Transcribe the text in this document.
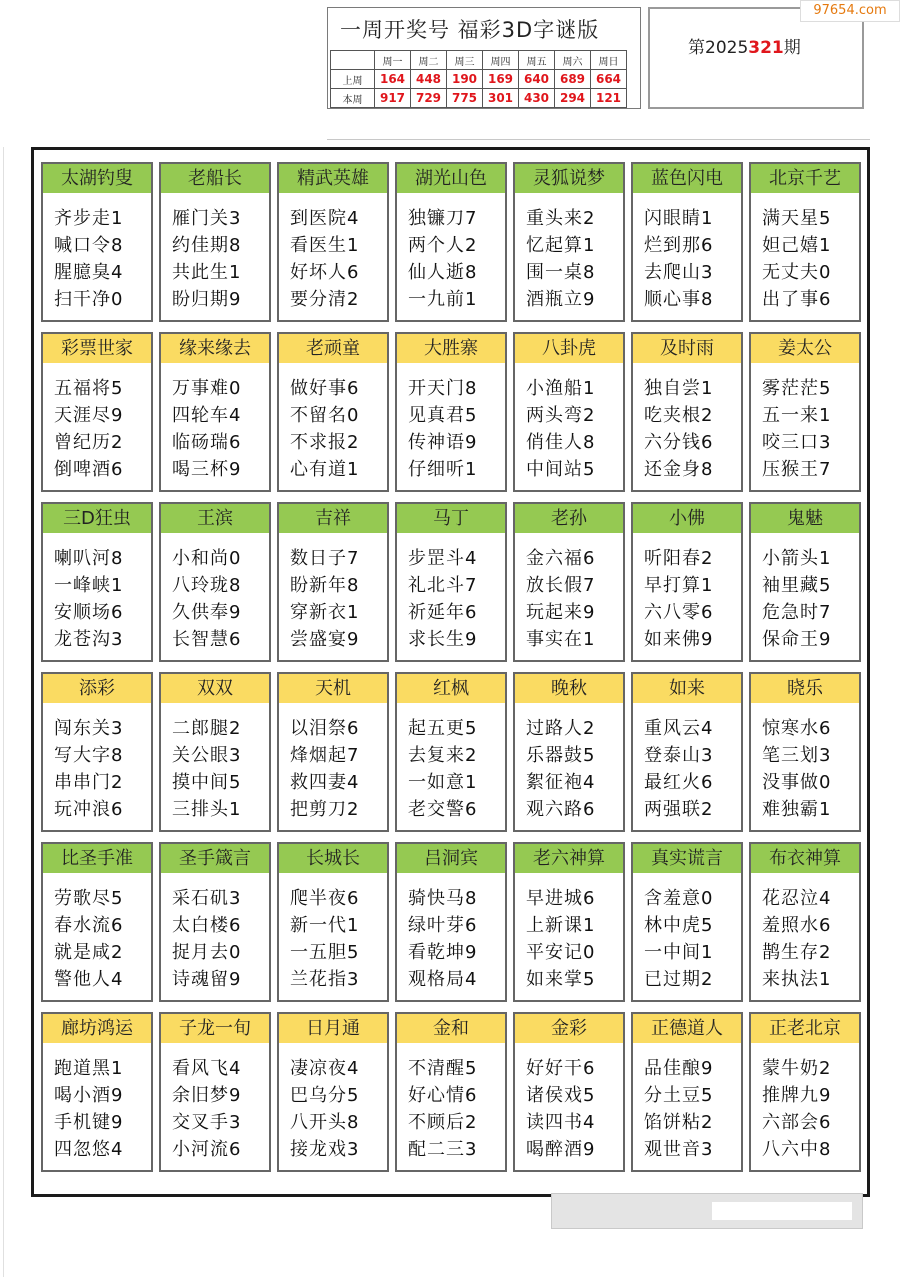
一周开奖号 福彩3D字谜版
	周一	周二	周三	周四	周五	周六	周日
上周	164	448	190	169	640	689	664
本周	917	729	775	301	430	294	121
第2025321期
97654.com
太湖钓叟
齐步走1
喊口令8
腥臆臭4
扫干净0
老船长
雁门关3
约佳期8
共此生1
盼归期9
精武英雄
到医院4
看医生1
好坏人6
要分清2
湖光山色
独镰刀7
两个人2
仙人逝8
一九前1
灵狐说梦
重头来2
忆起算1
围一桌8
酒瓶立9
蓝色闪电
闪眼睛1
烂到那6
去爬山3
顺心事8
北京千艺
满天星5
妲己嬉1
无丈夫0
出了事6
彩票世家
五福将5
天涯尽9
曾纪历2
倒啤酒6
缘来缘去
万事难0
四轮车4
临砀瑞6
喝三杯9
老顽童
做好事6
不留名0
不求报2
心有道1
大胜寨
开天门8
见真君5
传神语9
仔细听1
八卦虎
小渔船1
两头弯2
俏佳人8
中间站5
及时雨
独自尝1
吃夹根2
六分钱6
还金身8
姜太公
雾茫茫5
五一来1
咬三口3
压猴王7
三D狂虫
喇叭河8
一峰峡1
安顺场6
龙苍沟3
王滨
小和尚0
八玲珑8
久供奉9
长智慧6
吉祥
数日子7
盼新年8
穿新衣1
尝盛宴9
马丁
步罡斗4
礼北斗7
祈延年6
求长生9
老孙
金六福6
放长假7
玩起来9
事实在1
小佛
听阳春2
早打算1
六八零6
如来佛9
鬼魅
小箭头1
袖里藏5
危急时7
保命王9
添彩
闯东关3
写大字8
串串门2
玩冲浪6
双双
二郎腿2
关公眼3
摸中间5
三排头1
天机
以泪祭6
烽烟起7
救四妻4
把剪刀2
红枫
起五更5
去复来2
一如意1
老交警6
晚秋
过路人2
乐器鼓5
絮征袍4
观六路6
如来
重风云4
登泰山3
最红火6
两强联2
晓乐
惊寒水6
笔三划3
没事做0
难独霸1
比圣手准
劳歌尽5
春水流6
就是咸2
警他人4
圣手箴言
采石矶3
太白楼6
捉月去0
诗魂留9
长城长
爬半夜6
新一代1
一五胆5
兰花指3
吕洞宾
骑快马8
绿叶芽6
看乾坤9
观格局4
老六神算
早进城6
上新课1
平安记0
如来掌5
真实谎言
含羞意0
林中虎5
一中间1
已过期2
布衣神算
花忍泣4
羞照水6
鹊生存2
来执法1
廊坊鸿运
跑道黑1
喝小酒9
手机键9
四忽悠4
子龙一旬
看风飞4
余旧梦9
交叉手3
小河流6
日月通
凄凉夜4
巴乌分5
八开头8
接龙戏3
金和
不清醒5
好心情6
不顾后2
配二三3
金彩
好好干6
诸侯戏5
读四书4
喝醉酒9
正德道人
品佳酿9
分土豆5
馅饼粘2
观世音3
正老北京
蒙牛奶2
推牌九9
六部会6
八六中8
